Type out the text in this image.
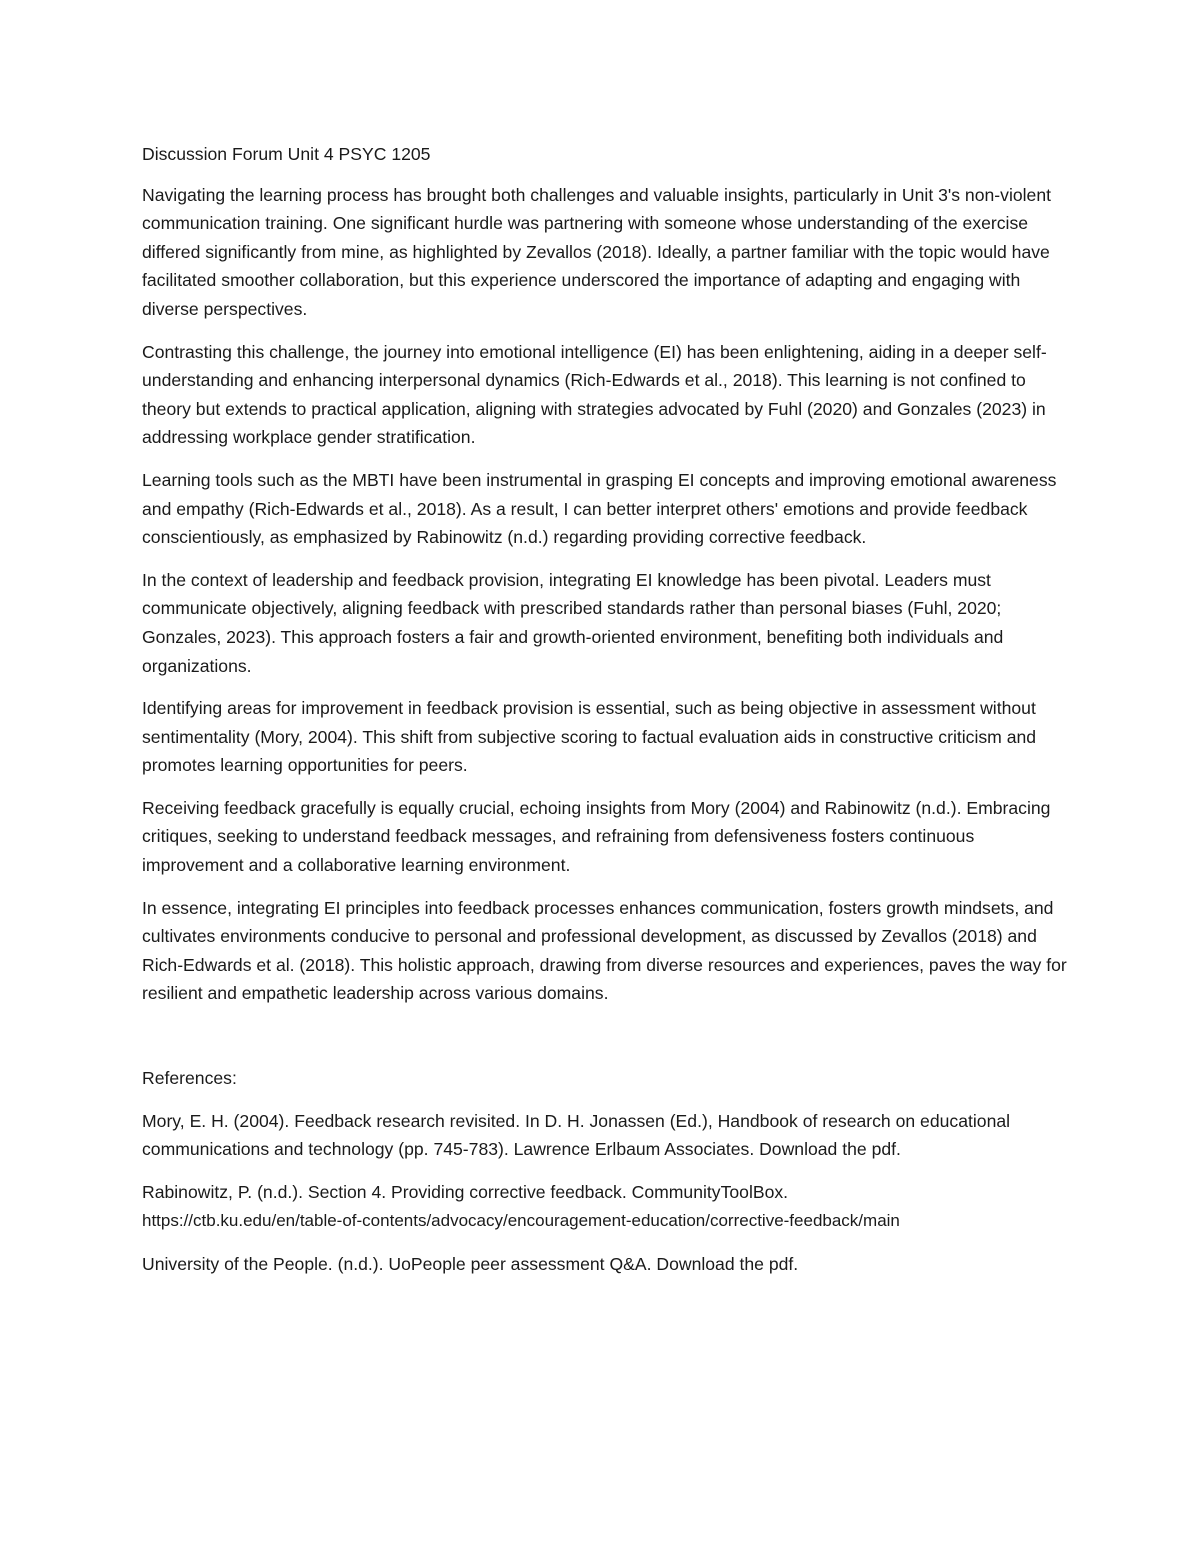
Discussion Forum Unit 4 PSYC 1205

Navigating the learning process has brought both challenges and valuable insights, particularly in Unit 3's non-violent communication training. One significant hurdle was partnering with someone whose understanding of the exercise differed significantly from mine, as highlighted by Zevallos (2018). Ideally, a partner familiar with the topic would have facilitated smoother collaboration, but this experience underscored the importance of adapting and engaging with diverse perspectives.

Contrasting this challenge, the journey into emotional intelligence (EI) has been enlightening, aiding in a deeper self-understanding and enhancing interpersonal dynamics (Rich-Edwards et al., 2018). This learning is not confined to theory but extends to practical application, aligning with strategies advocated by Fuhl (2020) and Gonzales (2023) in addressing workplace gender stratification.

Learning tools such as the MBTI have been instrumental in grasping EI concepts and improving emotional awareness and empathy (Rich-Edwards et al., 2018). As a result, I can better interpret others' emotions and provide feedback conscientiously, as emphasized by Rabinowitz (n.d.) regarding providing corrective feedback.

In the context of leadership and feedback provision, integrating EI knowledge has been pivotal. Leaders must communicate objectively, aligning feedback with prescribed standards rather than personal biases (Fuhl, 2020; Gonzales, 2023). This approach fosters a fair and growth-oriented environment, benefiting both individuals and organizations.

Identifying areas for improvement in feedback provision is essential, such as being objective in assessment without sentimentality (Mory, 2004). This shift from subjective scoring to factual evaluation aids in constructive criticism and promotes learning opportunities for peers.

Receiving feedback gracefully is equally crucial, echoing insights from Mory (2004) and Rabinowitz (n.d.). Embracing critiques, seeking to understand feedback messages, and refraining from defensiveness fosters continuous improvement and a collaborative learning environment.

In essence, integrating EI principles into feedback processes enhances communication, fosters growth mindsets, and cultivates environments conducive to personal and professional development, as discussed by Zevallos (2018) and Rich-Edwards et al. (2018). This holistic approach, drawing from diverse resources and experiences, paves the way for resilient and empathetic leadership across various domains.

References:

Mory, E. H. (2004). Feedback research revisited. In D. H. Jonassen (Ed.), Handbook of research on educational communications and technology (pp. 745-783). Lawrence Erlbaum Associates. Download the pdf.

Rabinowitz, P. (n.d.). Section 4. Providing corrective feedback. CommunityToolBox.
https://ctb.ku.edu/en/table-of-contents/advocacy/encouragement-education/corrective-feedback/main

University of the People. (n.d.). UoPeople peer assessment Q&A. Download the pdf.
